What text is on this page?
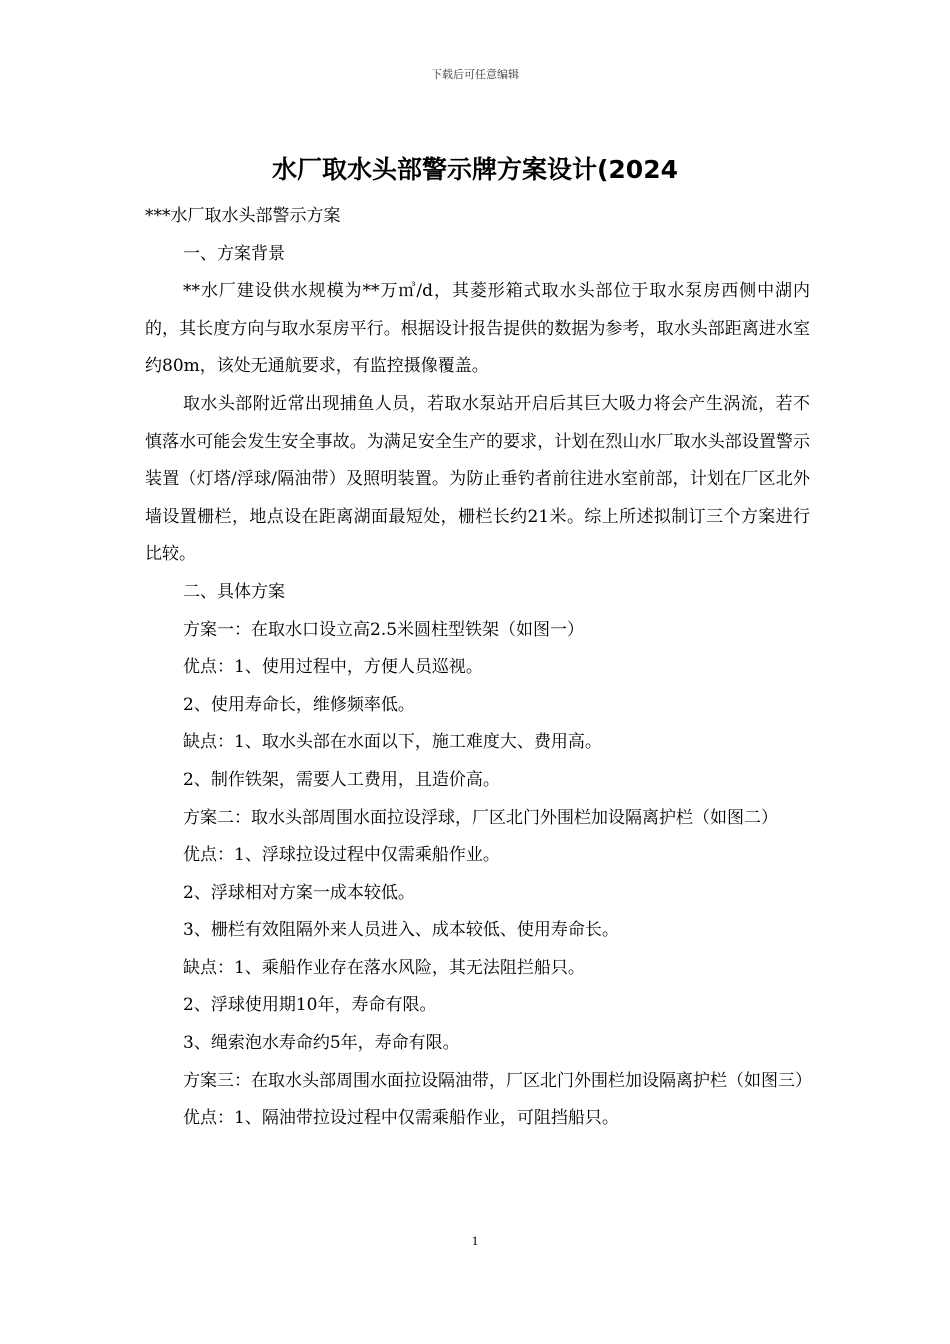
下载后可任意编辑
水厂取水头部警示牌方案设计(2024

***水厂取水头部警示方案

一、方案背景

**水厂建设供水规模为**万㎥/d，其菱形箱式取水头部位于取水泵房西侧中湖内的，其长度方向与取水泵房平行。根据设计报告提供的数据为参考，取水头部距离进水室约80m，该处无通航要求，有监控摄像覆盖。

取水头部附近常出现捕鱼人员，若取水泵站开启后其巨大吸力将会产生涡流，若不慎落水可能会发生安全事故。为满足安全生产的要求，计划在烈山水厂取水头部设置警示装置（灯塔/浮球/隔油带）及照明装置。为防止垂钓者前往进水室前部，计划在厂区北外墙设置栅栏，地点设在距离湖面最短处，栅栏长约21米。综上所述拟制订三个方案进行比较。

二、具体方案

方案一：在取水口设立高2.5米圆柱型铁架（如图一）

优点：1、使用过程中，方便人员巡视。

2、使用寿命长，维修频率低。

缺点：1、取水头部在水面以下，施工难度大、费用高。

2、制作铁架，需要人工费用，且造价高。

方案二：取水头部周围水面拉设浮球，厂区北门外围栏加设隔离护栏（如图二）

优点：1、浮球拉设过程中仅需乘船作业。

2、浮球相对方案一成本较低。

3、栅栏有效阻隔外来人员进入、成本较低、使用寿命长。

缺点：1、乘船作业存在落水风险，其无法阻拦船只。

2、浮球使用期10年，寿命有限。

3、绳索泡水寿命约5年，寿命有限。

方案三：在取水头部周围水面拉设隔油带，厂区北门外围栏加设隔离护栏（如图三）

优点：1、隔油带拉设过程中仅需乘船作业，可阻挡船只。

1
